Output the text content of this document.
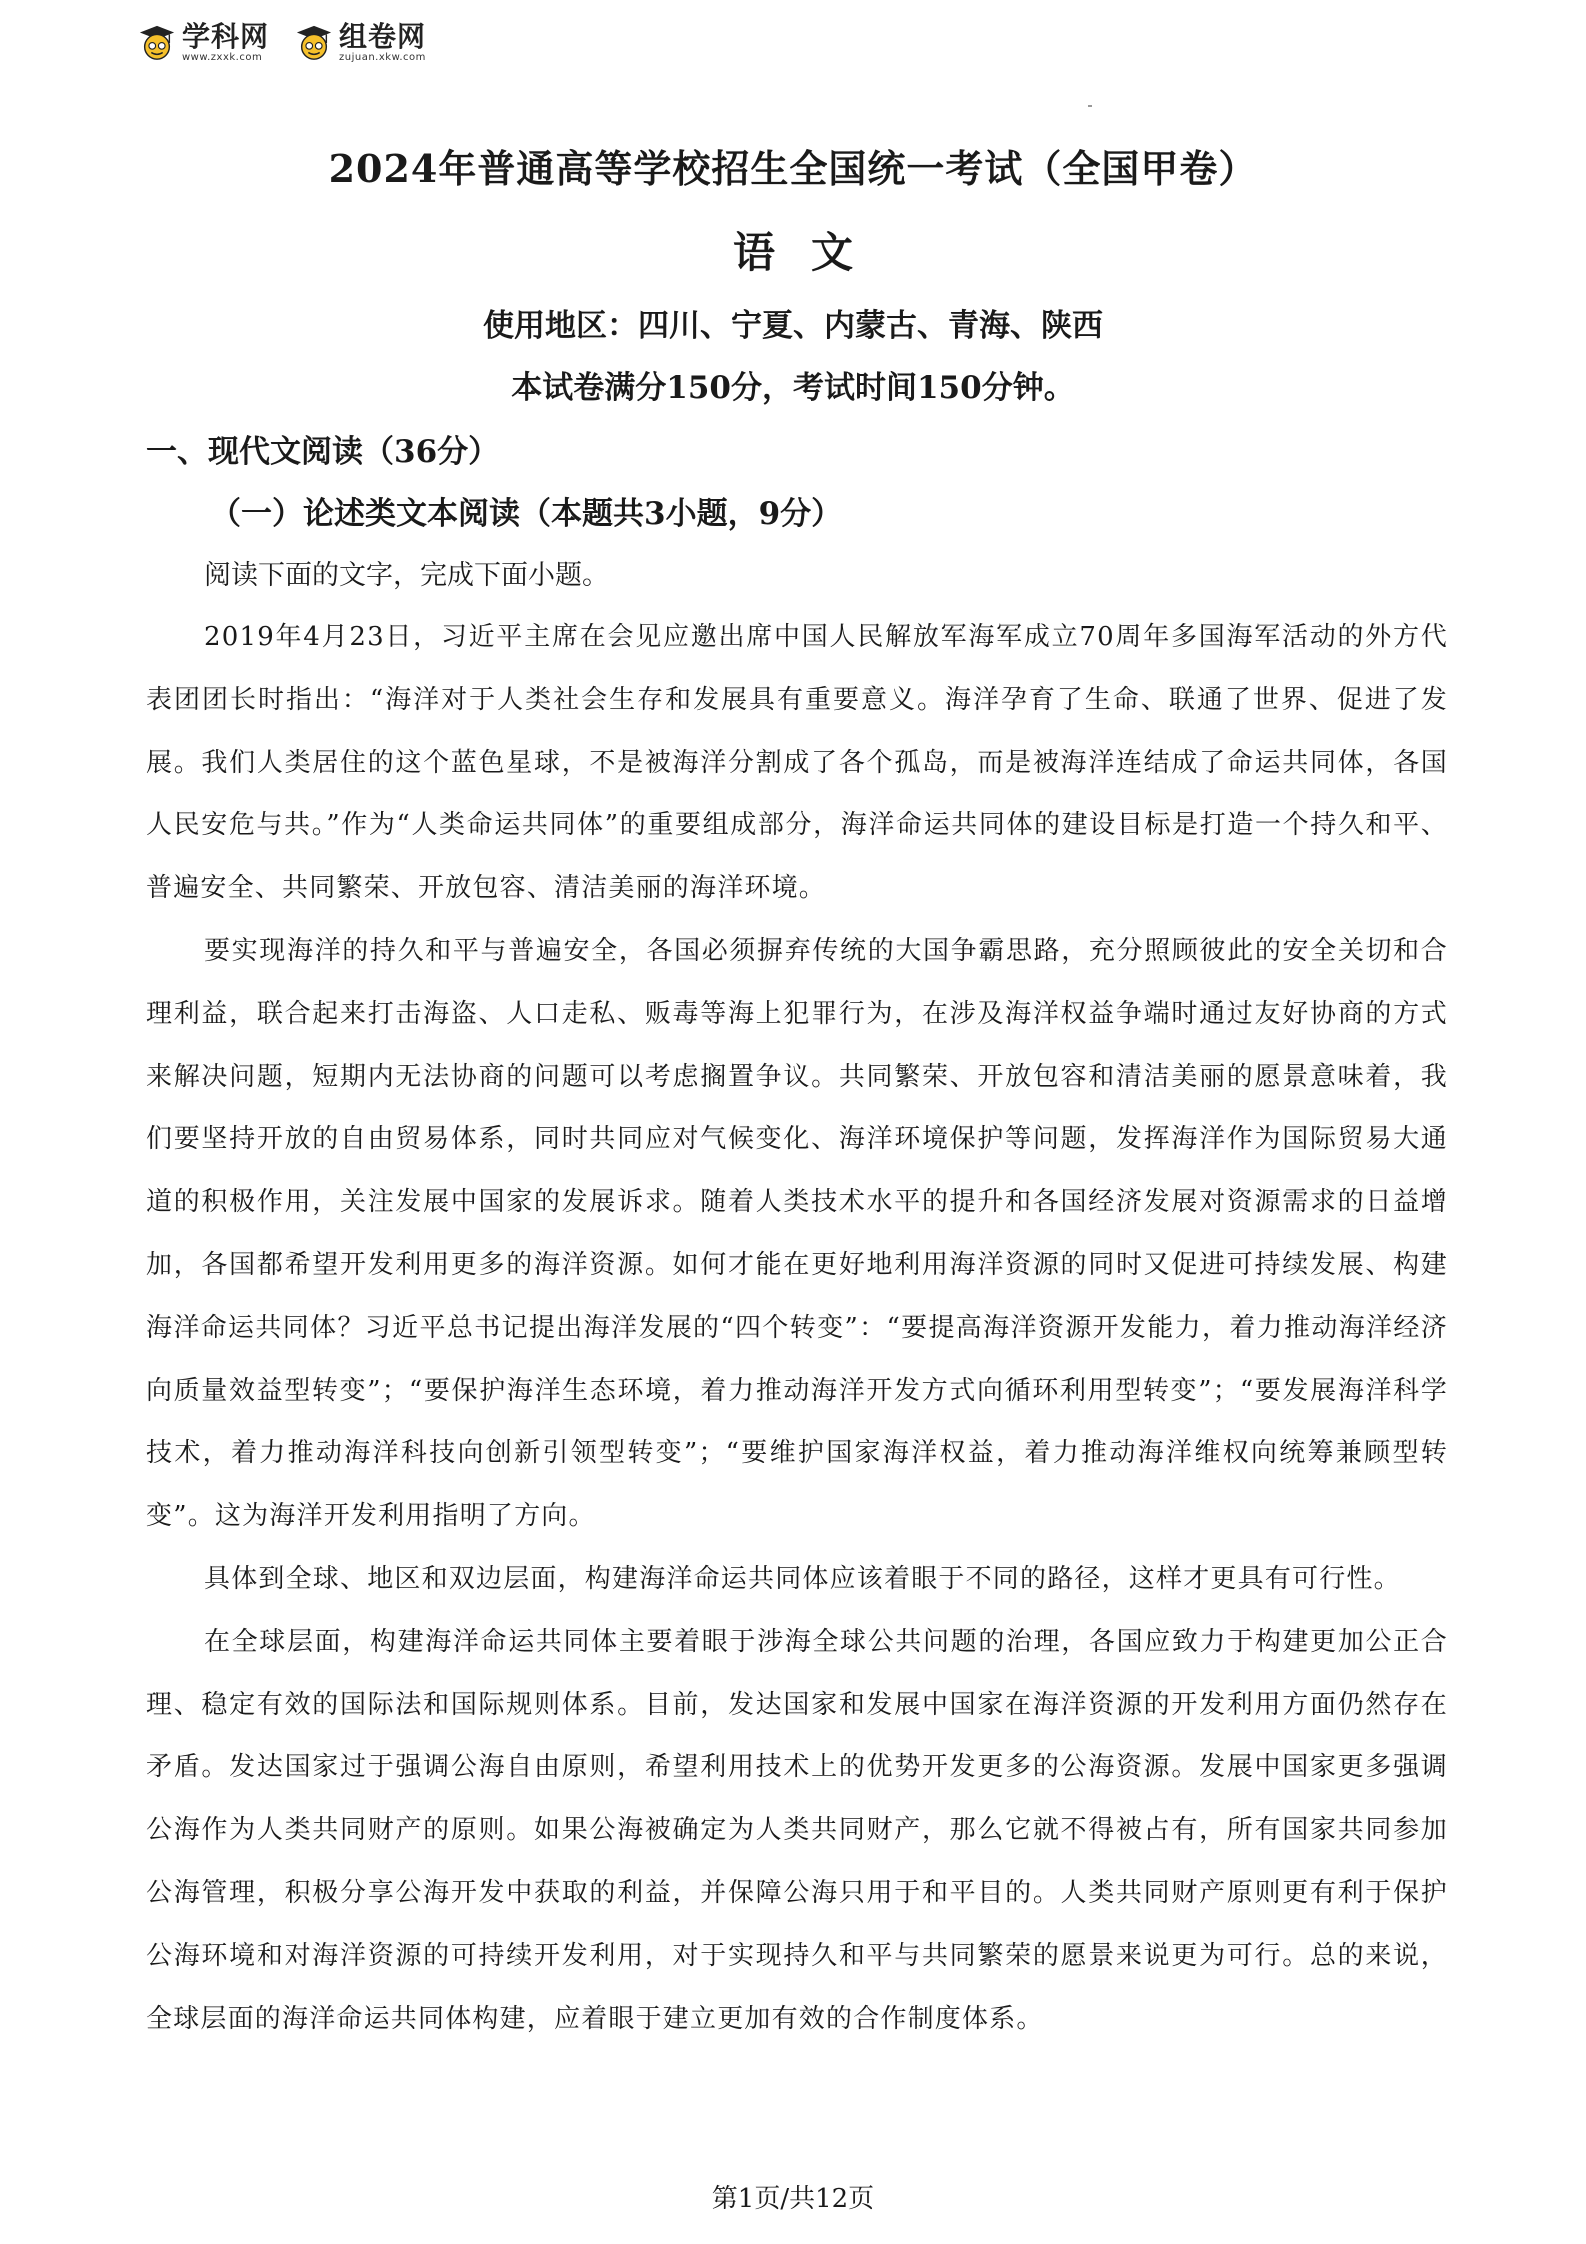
学科网
www.zxxk.com
组卷网
zujuan.xkw.com
2024年普通高等学校招生全国统一考试（全国甲卷）
语文
使用地区：四川、宁夏、内蒙古、青海、陕西
本试卷满分150分，考试时间150分钟。
一、现代文阅读（36分）
（一）论述类文本阅读（本题共3小题，9分）
阅读下面的文字，完成下面小题。

2019年4月23日，习近平主席在会见应邀出席中国人民解放军海军成立70周年多国海军活动的外方代表团团长时指出：“海洋对于人类社会生存和发展具有重要意义。海洋孕育了生命、联通了世界、促进了发展。我们人类居住的这个蓝色星球，不是被海洋分割成了各个孤岛，而是被海洋连结成了命运共同体，各国人民安危与共。”作为“人类命运共同体”的重要组成部分，海洋命运共同体的建设目标是打造一个持久和平、普遍安全、共同繁荣、开放包容、清洁美丽的海洋环境。

要实现海洋的持久和平与普遍安全，各国必须摒弃传统的大国争霸思路，充分照顾彼此的安全关切和合理利益，联合起来打击海盗、人口走私、贩毒等海上犯罪行为，在涉及海洋权益争端时通过友好协商的方式来解决问题，短期内无法协商的问题可以考虑搁置争议。共同繁荣、开放包容和清洁美丽的愿景意味着，我们要坚持开放的自由贸易体系，同时共同应对气候变化、海洋环境保护等问题，发挥海洋作为国际贸易大通道的积极作用，关注发展中国家的发展诉求。随着人类技术水平的提升和各国经济发展对资源需求的日益增加，各国都希望开发利用更多的海洋资源。如何才能在更好地利用海洋资源的同时又促进可持续发展、构建海洋命运共同体？习近平总书记提出海洋发展的“四个转变”：“要提高海洋资源开发能力，着力推动海洋经济向质量效益型转变”；“要保护海洋生态环境，着力推动海洋开发方式向循环利用型转变”；“要发展海洋科学技术，着力推动海洋科技向创新引领型转变”；“要维护国家海洋权益，着力推动海洋维权向统筹兼顾型转变”。这为海洋开发利用指明了方向。

具体到全球、地区和双边层面，构建海洋命运共同体应该着眼于不同的路径，这样才更具有可行性。

在全球层面，构建海洋命运共同体主要着眼于涉海全球公共问题的治理，各国应致力于构建更加公正合理、稳定有效的国际法和国际规则体系。目前，发达国家和发展中国家在海洋资源的开发利用方面仍然存在矛盾。发达国家过于强调公海自由原则，希望利用技术上的优势开发更多的公海资源。发展中国家更多强调公海作为人类共同财产的原则。如果公海被确定为人类共同财产，那么它就不得被占有，所有国家共同参加公海管理，积极分享公海开发中获取的利益，并保障公海只用于和平目的。人类共同财产原则更有利于保护公海环境和对海洋资源的可持续开发利用，对于实现持久和平与共同繁荣的愿景来说更为可行。总的来说，全球层面的海洋命运共同体构建，应着眼于建立更加有效的合作制度体系。

第1页/共12页
